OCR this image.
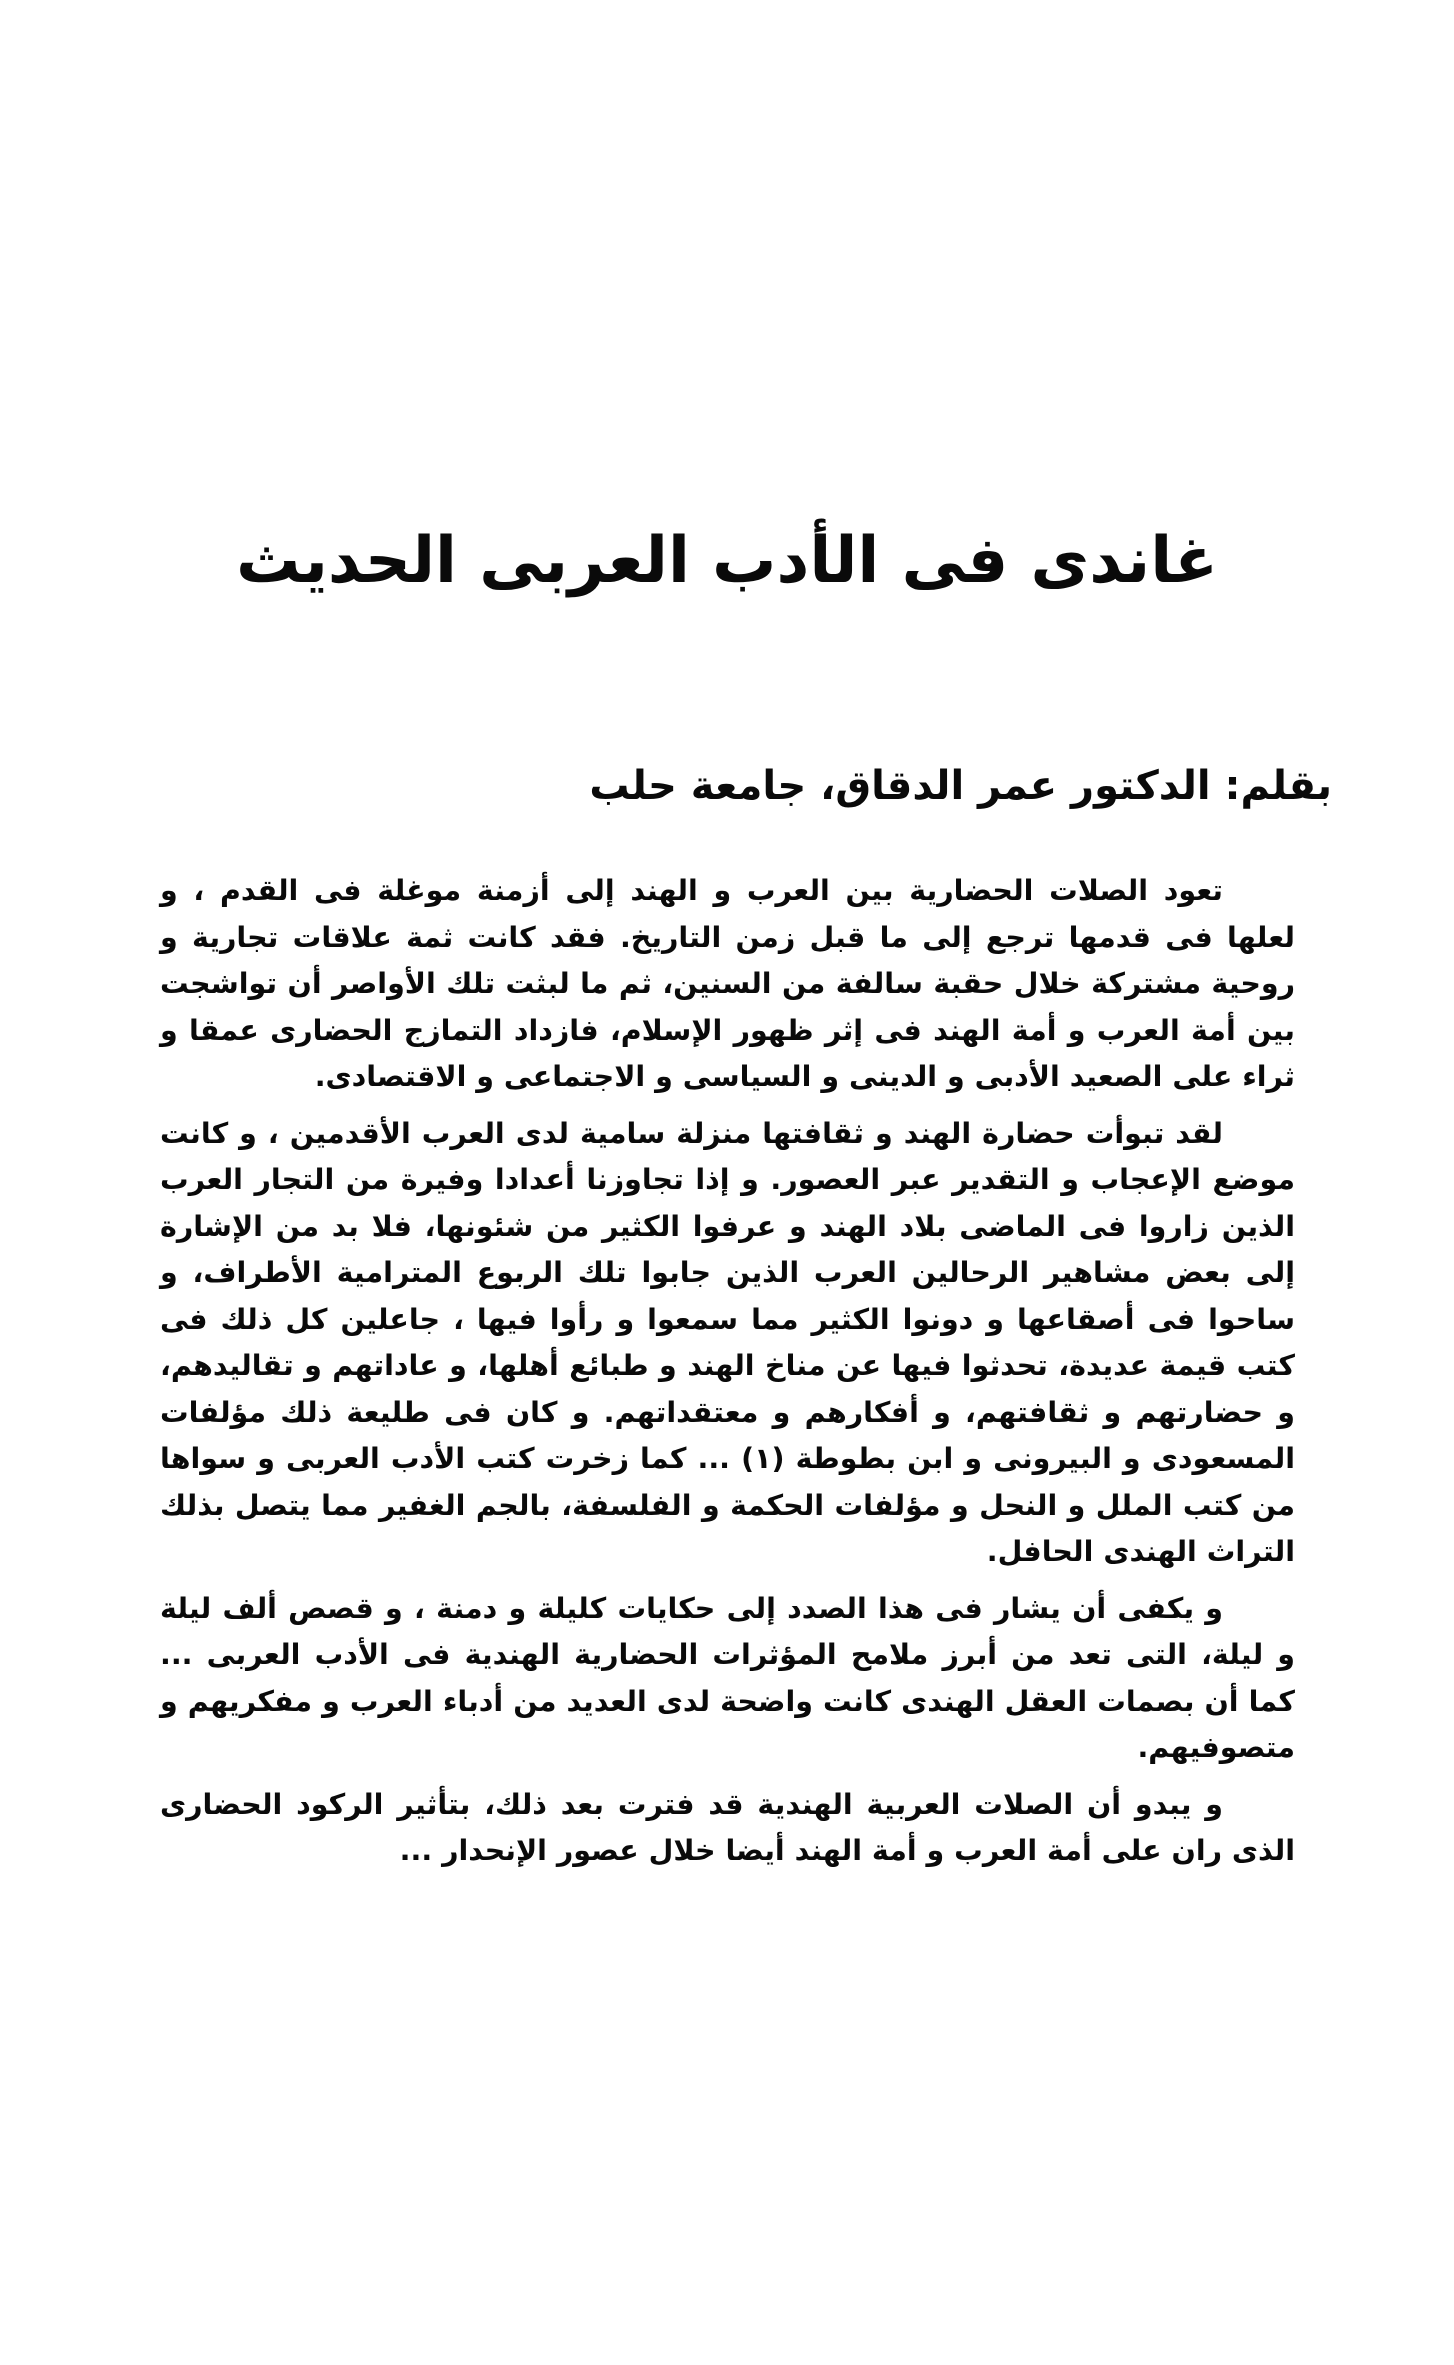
غاندى فى الأدب العربى الحديث
بقلم: الدكتور عمر الدقاق، جامعة حلب

تعود الصلات الحضارية بين العرب و الهند إلى أزمنة موغلة فى القدم ، و لعلها فى قدمها ترجع إلى ما قبل زمن التاريخ. فقد كانت ثمة علاقات تجارية و روحية مشتركة خلال حقبة سالفة من السنين، ثم ما لبثت تلك الأواصر أن تواشجت بين أمة العرب و أمة الهند فى إثر ظهور الإسلام، فازداد التمازج الحضارى عمقا و ثراء على الصعيد الأدبى و الدينى و السياسى و الاجتماعى و الاقتصادى.

لقد تبوأت حضارة الهند و ثقافتها منزلة سامية لدى العرب الأقدمين ، و كانت موضع الإعجاب و التقدير عبر العصور. و إذا تجاوزنا أعدادا وفيرة من التجار العرب الذين زاروا فى الماضى بلاد الهند و عرفوا الكثير من شئونها، فلا بد من الإشارة إلى بعض مشاهير الرحالين العرب الذين جابوا تلك الربوع المترامية الأطراف، و ساحوا فى أصقاعها و دونوا الكثير مما سمعوا و رأوا فيها ، جاعلين كل ذلك فى كتب قيمة عديدة، تحدثوا فيها عن مناخ الهند و طبائع أهلها، و عاداتهم و تقاليدهم، و حضارتهم و ثقافتهم، و أفكارهم و معتقداتهم. و كان فى طليعة ذلك مؤلفات المسعودى و البيرونى و ابن بطوطة (١) ... كما زخرت كتب الأدب العربى و سواها من كتب الملل و النحل و مؤلفات الحكمة و الفلسفة، بالجم الغفير مما يتصل بذلك التراث الهندى الحافل.

و يكفى أن يشار فى هذا الصدد إلى حكايات كليلة و دمنة ، و قصص ألف ليلة و ليلة، التى تعد من أبرز ملامح المؤثرات الحضارية الهندية فى الأدب العربى ... كما أن بصمات العقل الهندى كانت واضحة لدى العديد من أدباء العرب و مفكريهم و متصوفيهم.

و يبدو أن الصلات العربية الهندية قد فترت بعد ذلك، بتأثير الركود الحضارى الذى ران على أمة العرب و أمة الهند أيضا خلال عصور الإنحدار ...
